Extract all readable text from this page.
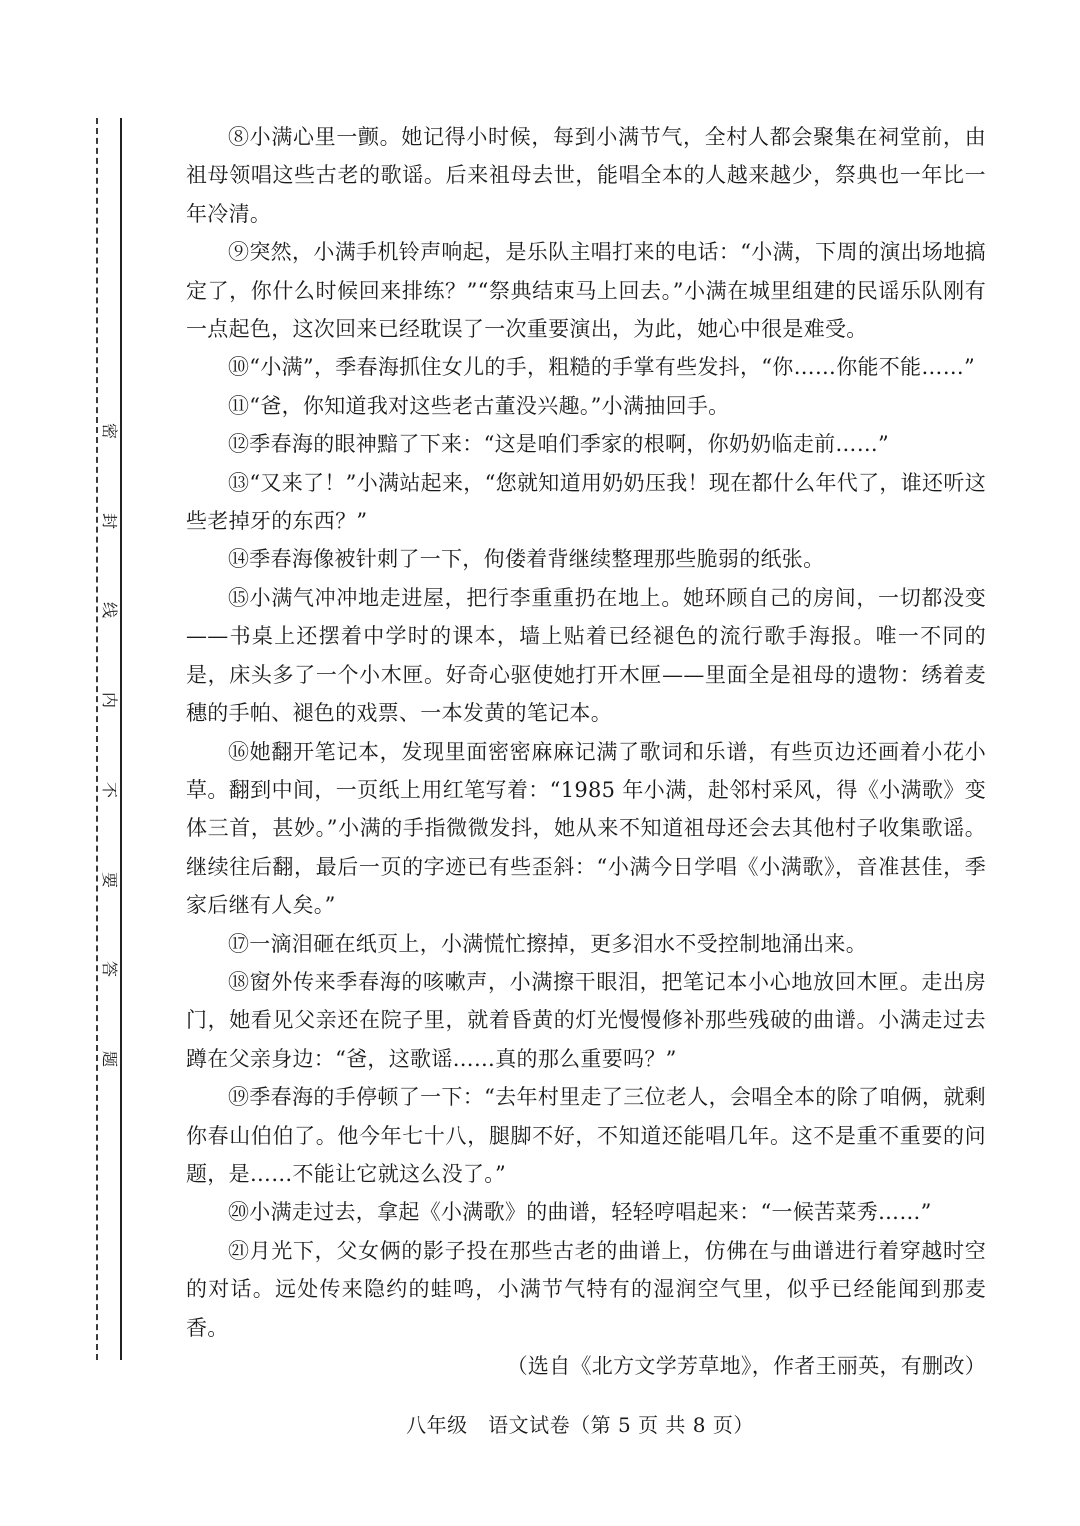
密
封
线
内
不
要
答
题

⑧小满心里一颤。她记得小时候，每到小满节气，全村人都会聚集在祠堂前，由祖母领唱这些古老的歌谣。后来祖母去世，能唱全本的人越来越少，祭典也一年比一年冷清。

⑨突然，小满手机铃声响起，是乐队主唱打来的电话：“小满，下周的演出场地搞定了，你什么时候回来排练？”“祭典结束马上回去。”小满在城里组建的民谣乐队刚有一点起色，这次回来已经耽误了一次重要演出，为此，她心中很是难受。

⑩“小满”，季春海抓住女儿的手，粗糙的手掌有些发抖，“你……你能不能……”

⑪“爸，你知道我对这些老古董没兴趣。”小满抽回手。

⑫季春海的眼神黯了下来：“这是咱们季家的根啊，你奶奶临走前……”

⑬“又来了！”小满站起来，“您就知道用奶奶压我！现在都什么年代了，谁还听这些老掉牙的东西？”

⑭季春海像被针刺了一下，佝偻着背继续整理那些脆弱的纸张。

⑮小满气冲冲地走进屋，把行李重重扔在地上。她环顾自己的房间，一切都没变——书桌上还摆着中学时的课本，墙上贴着已经褪色的流行歌手海报。唯一不同的是，床头多了一个小木匣。好奇心驱使她打开木匣——里面全是祖母的遗物：绣着麦穗的手帕、褪色的戏票、一本发黄的笔记本。

⑯她翻开笔记本，发现里面密密麻麻记满了歌词和乐谱，有些页边还画着小花小草。翻到中间，一页纸上用红笔写着：“1985 年小满，赴邻村采风，得《小满歌》变体三首，甚妙。”小满的手指微微发抖，她从来不知道祖母还会去其他村子收集歌谣。继续往后翻，最后一页的字迹已有些歪斜：“小满今日学唱《小满歌》，音准甚佳，季家后继有人矣。”

⑰一滴泪砸在纸页上，小满慌忙擦掉，更多泪水不受控制地涌出来。

⑱窗外传来季春海的咳嗽声，小满擦干眼泪，把笔记本小心地放回木匣。走出房门，她看见父亲还在院子里，就着昏黄的灯光慢慢修补那些残破的曲谱。小满走过去蹲在父亲身边：“爸，这歌谣……真的那么重要吗？”

⑲季春海的手停顿了一下：“去年村里走了三位老人，会唱全本的除了咱俩，就剩你春山伯伯了。他今年七十八，腿脚不好，不知道还能唱几年。这不是重不重要的问题，是……不能让它就这么没了。”

⑳小满走过去，拿起《小满歌》的曲谱，轻轻哼唱起来：“一候苦菜秀……”

㉑月光下，父女俩的影子投在那些古老的曲谱上，仿佛在与曲谱进行着穿越时空的对话。远处传来隐约的蛙鸣，小满节气特有的湿润空气里，似乎已经能闻到那麦香。

（选自《北方文学芳草地》，作者王丽英，有删改）

八年级　语文试卷（第 5 页 共 8 页）
